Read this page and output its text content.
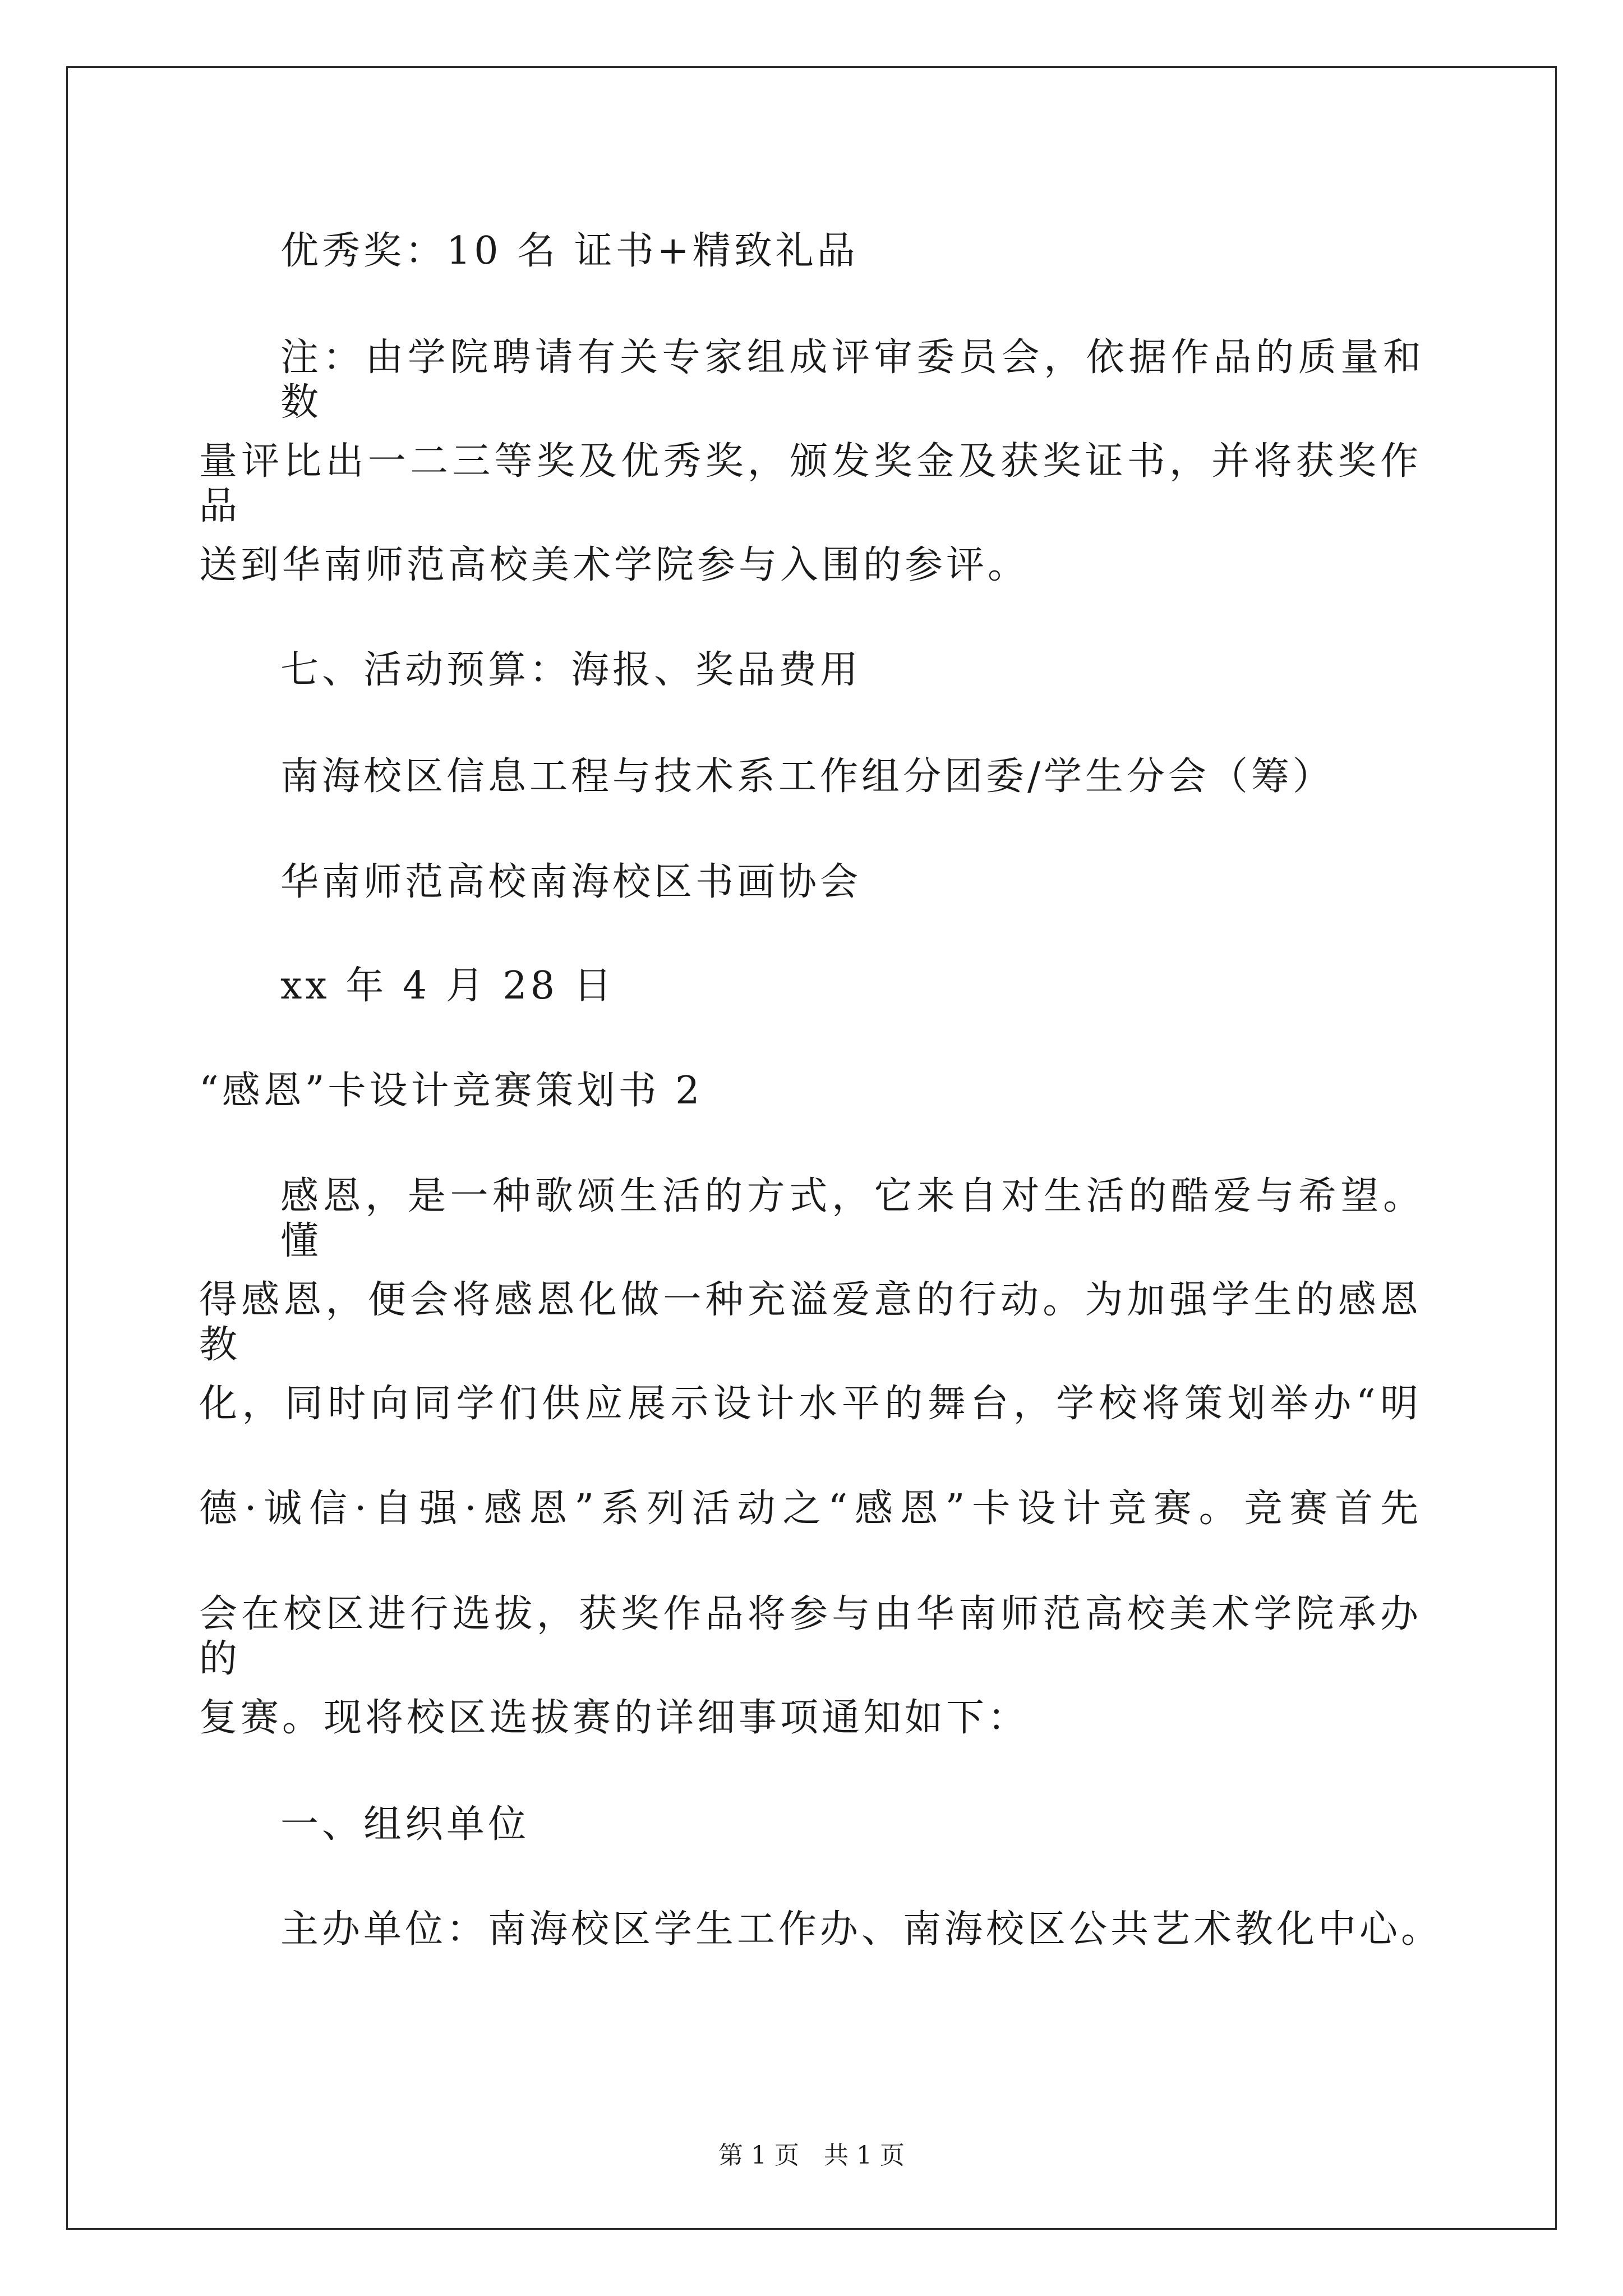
优秀奖：10 名 证书+精致礼品
注：由学院聘请有关专家组成评审委员会，依据作品的质量和数
量评比出一二三等奖及优秀奖，颁发奖金及获奖证书，并将获奖作品
送到华南师范高校美术学院参与入围的参评。
七、活动预算：海报、奖品费用
南海校区信息工程与技术系工作组分团委/学生分会（筹）
华南师范高校南海校区书画协会
xx 年 4 月 28 日
“感恩”卡设计竞赛策划书 2
感恩，是一种歌颂生活的方式，它来自对生活的酷爱与希望。懂
得感恩，便会将感恩化做一种充溢爱意的行动。为加强学生的感恩教
化，同时向同学们供应展示设计水平的舞台，学校将策划举办“明
德·诚信·自强·感恩”系列活动之“感恩”卡设计竞赛。竞赛首先
会在校区进行选拔，获奖作品将参与由华南师范高校美术学院承办的
复赛。现将校区选拔赛的详细事项通知如下：
一、组织单位
主办单位：南海校区学生工作办、南海校区公共艺术教化中心。
第 1 页　共 1 页
